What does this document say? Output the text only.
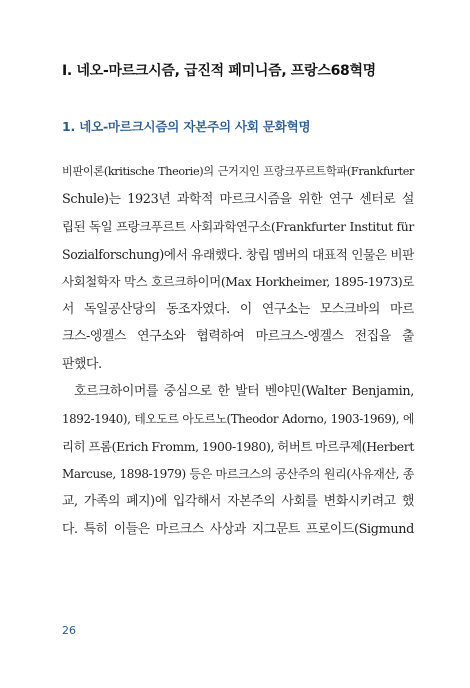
I. 네오-마르크시즘, 급진적 페미니즘, 프랑스68혁명
1. 네오-마르크시즘의 자본주의 사회 문화혁명
비판이론(kritische Theorie)의 근거지인 프랑크푸르트학파(Frankfurter
Schule)는 1923년 과학적 마르크시즘을 위한 연구 센터로 설
립된 독일 프랑크푸르트 사회과학연구소(Frankfurter Institut für
Sozialforschung)에서 유래했다. 창립 멤버의 대표적 인물은 비판
사회철학자 막스 호르크하이머(Max Horkheimer, 1895-1973)로
서 독일공산당의 동조자였다. 이 연구소는 모스크바의 마르
크스-엥겔스 연구소와 협력하여 마르크스-엥겔스 전집을 출
판했다.
호르크하이머를 중심으로 한 발터 벤야민(Walter Benjamin,
1892-1940), 테오도르 아도르노(Theodor Adorno, 1903-1969), 에
리히 프롬(Erich Fromm, 1900-1980), 허버트 마르쿠제(Herbert
Marcuse, 1898-1979) 등은 마르크스의 공산주의 원리(사유재산, 종
교, 가족의 폐지)에 입각해서 자본주의 사회를 변화시키려고 했
다. 특히 이들은 마르크스 사상과 지그문트 프로이드(Sigmund
26
